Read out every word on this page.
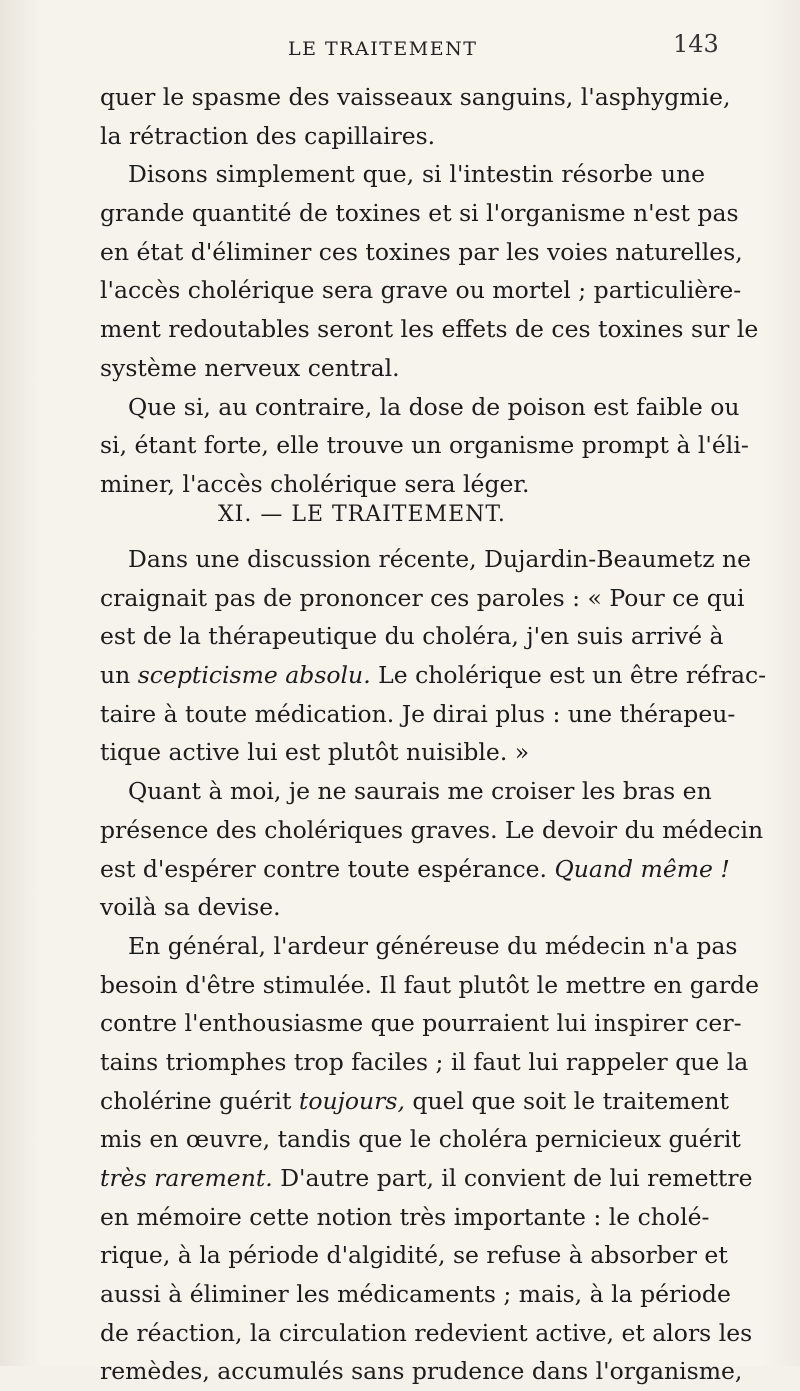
LE TRAITEMENT	143
quer le spasme des vaisseaux sanguins, l'asphygmie,
la rétraction des capillaires.
Disons simplement que, si l'intestin résorbe une
grande quantité de toxines et si l'organisme n'est pas
en état d'éliminer ces toxines par les voies naturelles,
l'accès cholérique sera grave ou mortel ; particulière-
ment redoutables seront les effets de ces toxines sur le
système nerveux central.
Que si, au contraire, la dose de poison est faible ou
si, étant forte, elle trouve un organisme prompt à l'éli-
miner, l'accès cholérique sera léger.
XI. — LE TRAITEMENT.
Dans une discussion récente, Dujardin-Beaumetz ne
craignait pas de prononcer ces paroles : « Pour ce qui
est de la thérapeutique du choléra, j'en suis arrivé à
un scepticisme absolu. Le cholérique est un être réfrac-
taire à toute médication. Je dirai plus : une thérapeu-
tique active lui est plutôt nuisible. »
Quant à moi, je ne saurais me croiser les bras en
présence des cholériques graves. Le devoir du médecin
est d'espérer contre toute espérance. Quand même !
voilà sa devise.
En général, l'ardeur généreuse du médecin n'a pas
besoin d'être stimulée. Il faut plutôt le mettre en garde
contre l'enthousiasme que pourraient lui inspirer cer-
tains triomphes trop faciles ; il faut lui rappeler que la
cholérine guérit toujours, quel que soit le traitement
mis en œuvre, tandis que le choléra pernicieux guérit
très rarement. D'autre part, il convient de lui remettre
en mémoire cette notion très importante : le cholé-
rique, à la période d'algidité, se refuse à absorber et
aussi à éliminer les médicaments ; mais, à la période
de réaction, la circulation redevient active, et alors les
remèdes, accumulés sans prudence dans l'organisme,
